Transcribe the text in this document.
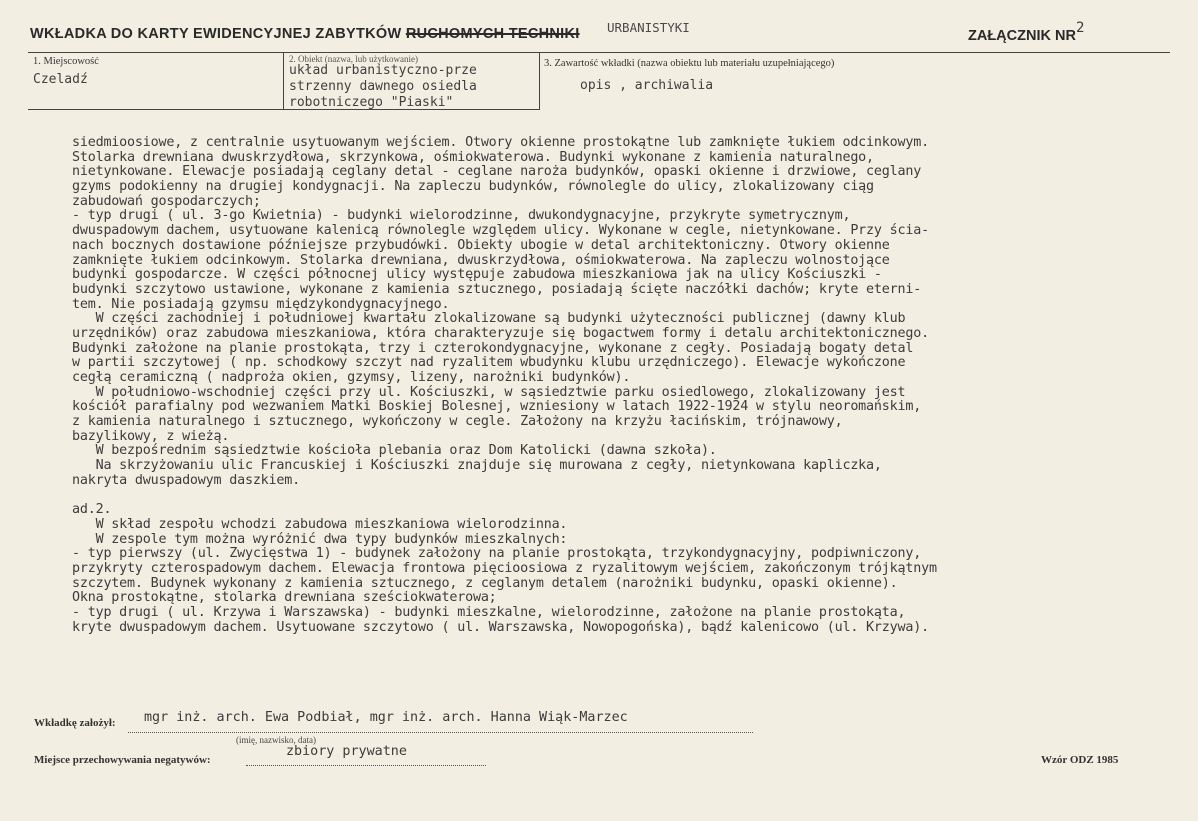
WKŁADKA DO KARTY EWIDENCYJNEJ ZABYTKÓW RUCHOMYCH TECHNIKI URBANISTYKI
ZAŁĄCZNIK NR 2
1. Miejscowość
Czeladź
2. Obiekt (nazwa, lub użytkowanie)
układ urbanistyczno-prze
strzenny dawnego osiedla
robotniczego "Piaski"
3. Zawartość wkładki (nazwa obiektu lub materiału uzupełniającego)
opis , archiwalia
siedmioosiowe, z centralnie usytuowanym wejściem. Otwory okienne prostokątne lub zamknięte łukiem odcinkowym.
Stolarka drewniana dwuskrzydłowa, skrzynkowa, ośmiokwaterowa. Budynki wykonane z kamienia naturalnego,
nietynkowane. Elewacje posiadają ceglany detal - ceglane naroża budynków, opaski okienne i drzwiowe, ceglany
gzyms podokienny na drugiej kondygnacji. Na zapleczu budynków, równolegle do ulicy, zlokalizowany ciąg
zabudowań gospodarczych;
- typ drugi ( ul. 3-go Kwietnia) - budynki wielorodzinne, dwukondygnacyjne, przykryte symetrycznym,
dwuspadowym dachem, usytuowane kalenicą równolegle względem ulicy. Wykonane w cegle, nietynkowane. Przy ścia-
nach bocznych dostawione późniejsze przybudówki. Obiekty ubogie w detal architektoniczny. Otwory okienne
zamknięte łukiem odcinkowym. Stolarka drewniana, dwuskrzydłowa, ośmiokwaterowa. Na zapleczu wolnostojące
budynki gospodarcze. W części północnej ulicy występuje zabudowa mieszkaniowa jak na ulicy Kościuszki -
budynki szczytowo ustawione, wykonane z kamienia sztucznego, posiadają ścięte naczółki dachów; kryte eterni-
tem. Nie posiadają gzymsu międzykondygnacyjnego.
W części zachodniej i południowej kwartału zlokalizowane są budynki użyteczności publicznej (dawny klub
urzędników) oraz zabudowa mieszkaniowa, która charakteryzuje się bogactwem formy i detalu architektonicznego.
Budynki założone na planie prostokąta, trzy i czterokondygnacyjne, wykonane z cegły. Posiadają bogaty detal
w partii szczytowej ( np. schodkowy szczyt nad ryzalitem wbudynku klubu urzędniczego). Elewacje wykończone
cegłą ceramiczną ( nadproża okien, gzymsy, lizeny, narożniki budynków).
W południowo-wschodniej części przy ul. Kościuszki, w sąsiedztwie parku osiedlowego, zlokalizowany jest
kościół parafialny pod wezwaniem Matki Boskiej Bolesnej, wzniesiony w latach 1922-1924 w stylu neoromańskim,
z kamienia naturalnego i sztucznego, wykończony w cegle. Założony na krzyżu łacińskim, trójnawowy,
bazylikowy, z wieżą.
W bezpośrednim sąsiedztwie kościoła plebania oraz Dom Katolicki (dawna szkoła).
Na skrzyżowaniu ulic Francuskiej i Kościuszki znajduje się murowana z cegły, nietynkowana kapliczka,
nakryta dwuspadowym daszkiem.
ad.2.
W skład zespołu wchodzi zabudowa mieszkaniowa wielorodzinna.
W zespole tym można wyróżnić dwa typy budynków mieszkalnych:
- typ pierwszy (ul. Zwycięstwa 1) - budynek założony na planie prostokąta, trzykondygnacyjny, podpiwniczony,
przykryty czterospadowym dachem. Elewacja frontowa pięcioosiowa z ryzalitowym wejściem, zakończonym trójkątnym
szczytem. Budynek wykonany z kamienia sztucznego, z ceglanym detalem (narożniki budynku, opaski okienne).
Okna prostokątne, stolarka drewniana sześciokwaterowa;
- typ drugi ( ul. Krzywa i Warszawska) - budynki mieszkalne, wielorodzinne, założone na planie prostokąta,
kryte dwuspadowym dachem. Usytuowane szczytowo ( ul. Warszawska, Nowopogońska), bądź kalenicowo (ul. Krzywa).
Wkładkę założył: mgr inż. arch. Ewa Podbiał, mgr inż. arch. Hanna Wiąk-Marzec
(imię, nazwisko, data)
Miejsce przechowywania negatywów:
zbiory prywatne
Wzór ODZ 1985
